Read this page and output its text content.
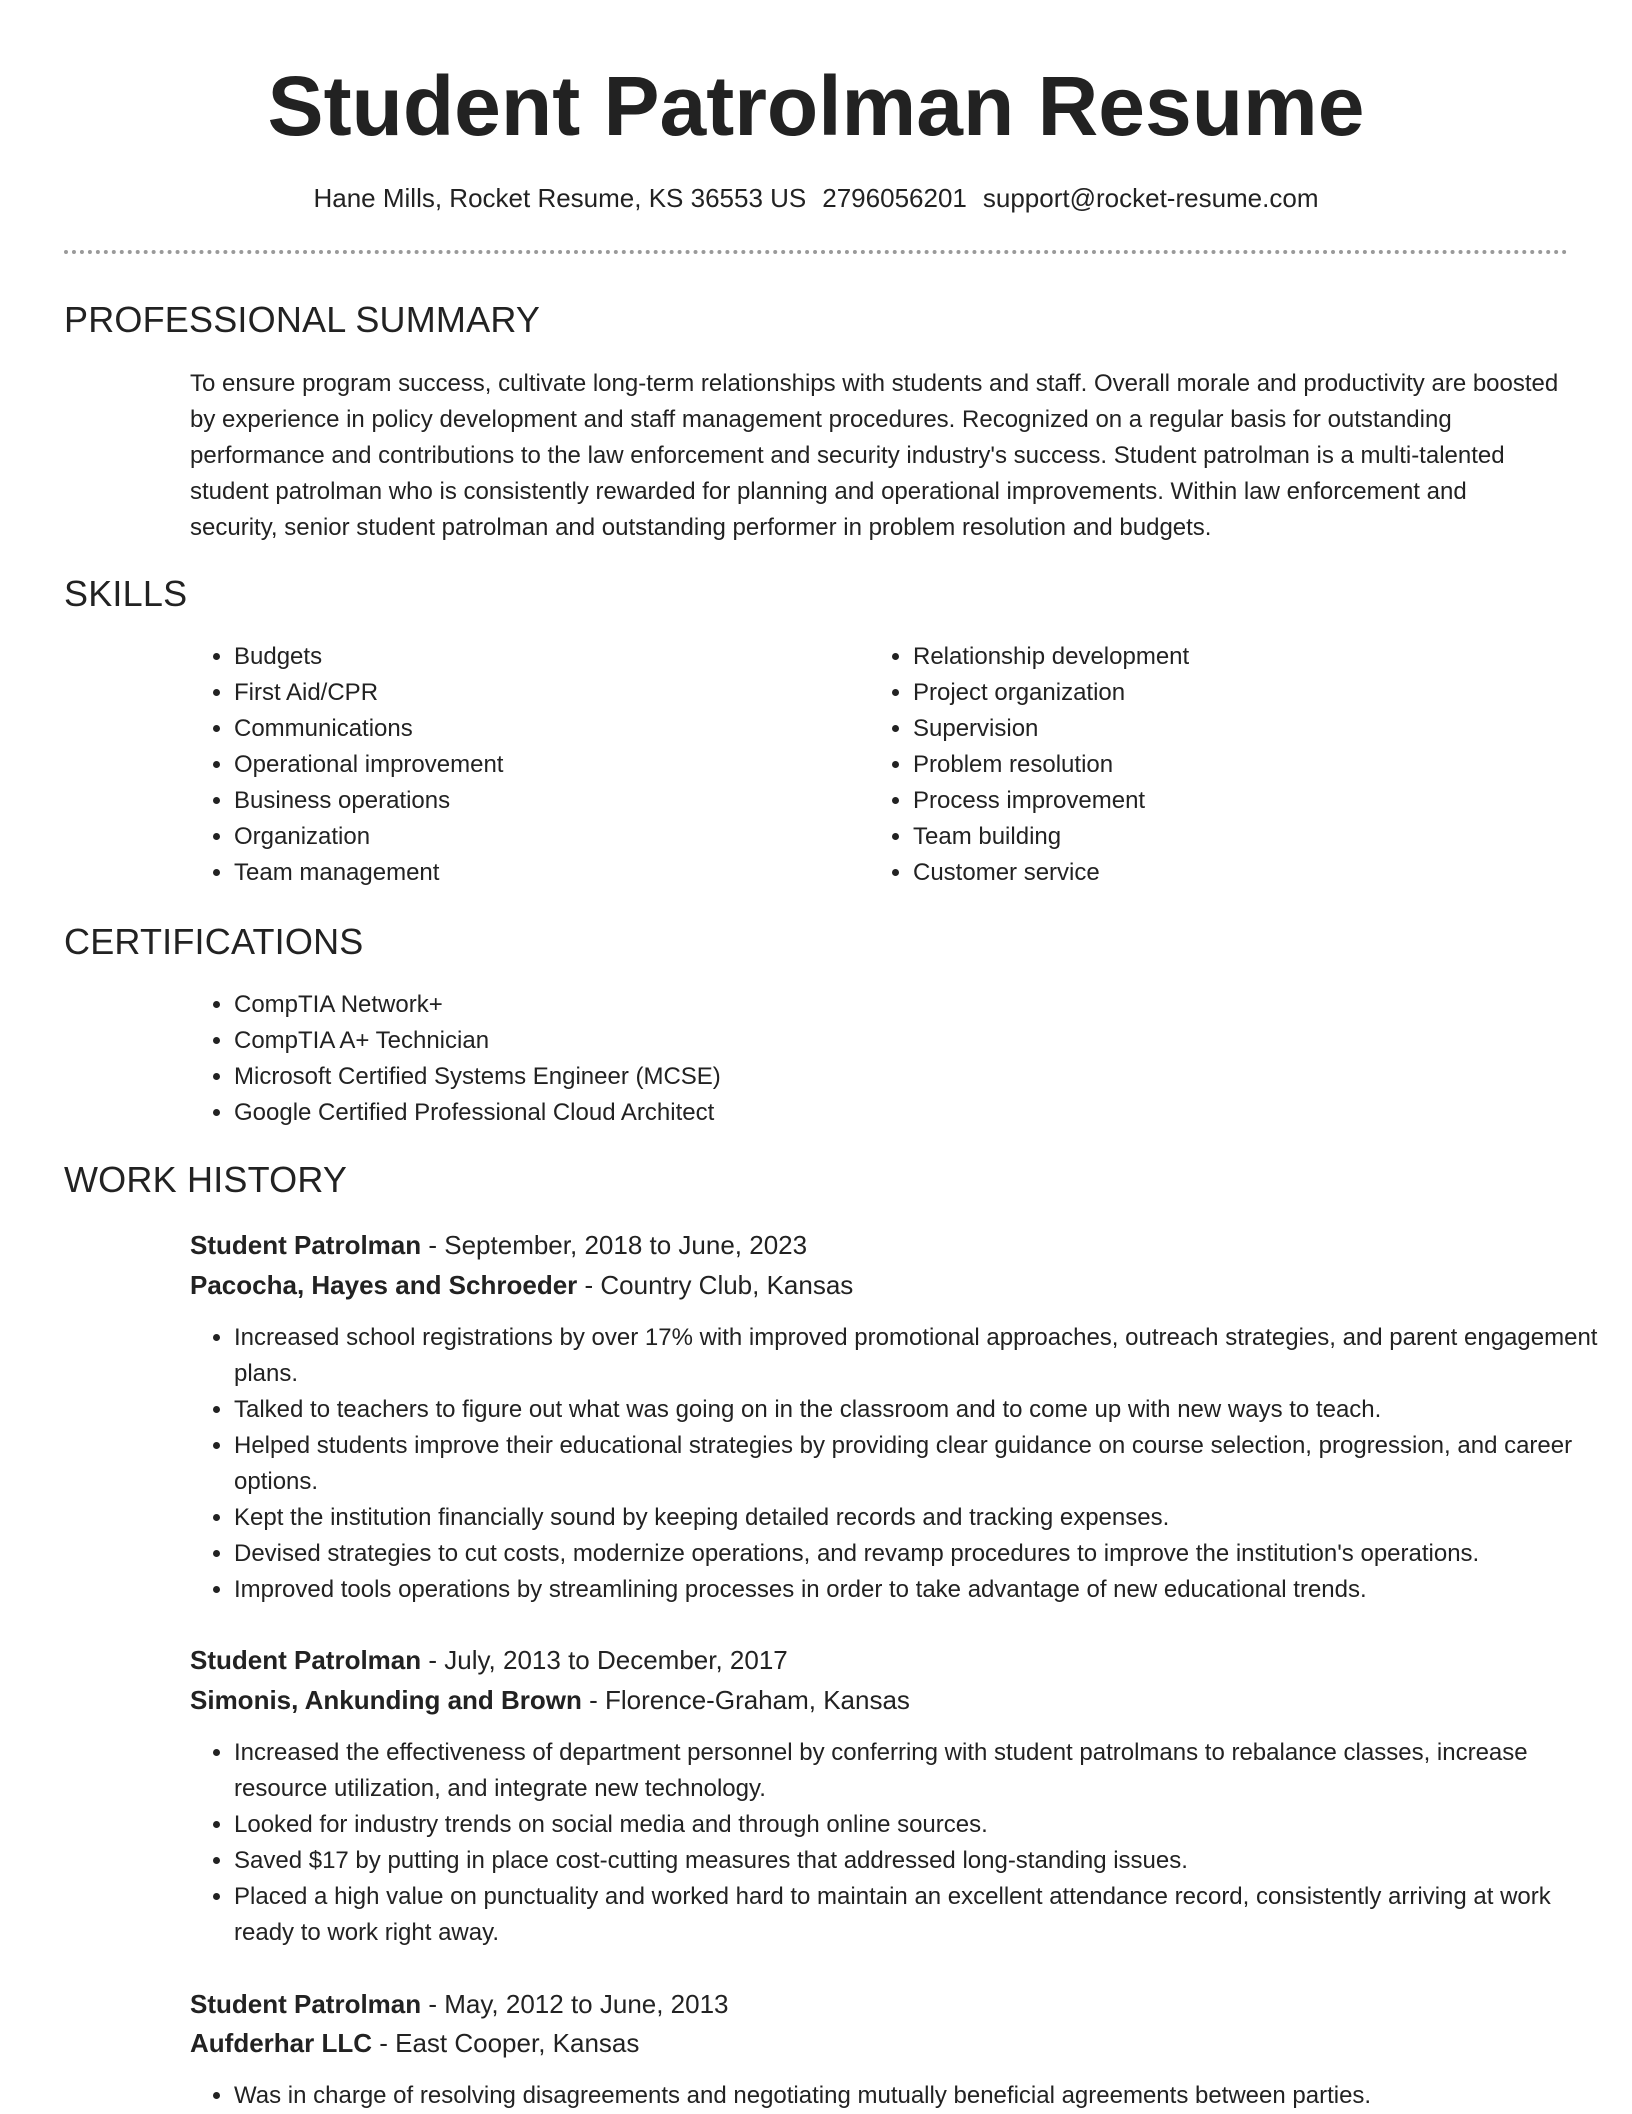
Student Patrolman Resume
Hane Mills, Rocket Resume, KS 36553 US 2796056201 support@rocket-resume.com
PROFESSIONAL SUMMARY

To ensure program success, cultivate long-term relationships with students and staff. Overall morale and productivity are boosted by experience in policy development and staff management procedures. Recognized on a regular basis for outstanding performance and contributions to the law enforcement and security industry's success. Student patrolman is a multi-talented student patrolman who is consistently rewarded for planning and operational improvements. Within law enforcement and security, senior student patrolman and outstanding performer in problem resolution and budgets.

SKILLS
• Budgets
• First Aid/CPR
• Communications
• Operational improvement
• Business operations
• Organization
• Team management
• Relationship development
• Project organization
• Supervision
• Problem resolution
• Process improvement
• Team building
• Customer service
CERTIFICATIONS
• CompTIA Network+
• CompTIA A+ Technician
• Microsoft Certified Systems Engineer (MCSE)
• Google Certified Professional Cloud Architect
WORK HISTORY
Student Patrolman - September, 2018 to June, 2023
Pacocha, Hayes and Schroeder - Country Club, Kansas
• Increased school registrations by over 17% with improved promotional approaches, outreach strategies, and parent engagement plans.
• Talked to teachers to figure out what was going on in the classroom and to come up with new ways to teach.
• Helped students improve their educational strategies by providing clear guidance on course selection, progression, and career options.
• Kept the institution financially sound by keeping detailed records and tracking expenses.
• Devised strategies to cut costs, modernize operations, and revamp procedures to improve the institution's operations.
• Improved tools operations by streamlining processes in order to take advantage of new educational trends.
Student Patrolman - July, 2013 to December, 2017
Simonis, Ankunding and Brown - Florence-Graham, Kansas
• Increased the effectiveness of department personnel by conferring with student patrolmans to rebalance classes, increase resource utilization, and integrate new technology.
• Looked for industry trends on social media and through online sources.
• Saved $17 by putting in place cost-cutting measures that addressed long-standing issues.
• Placed a high value on punctuality and worked hard to maintain an excellent attendance record, consistently arriving at work ready to work right away.
Student Patrolman - May, 2012 to June, 2013
Aufderhar LLC - East Cooper, Kansas
• Was in charge of resolving disagreements and negotiating mutually beneficial agreements between parties.
